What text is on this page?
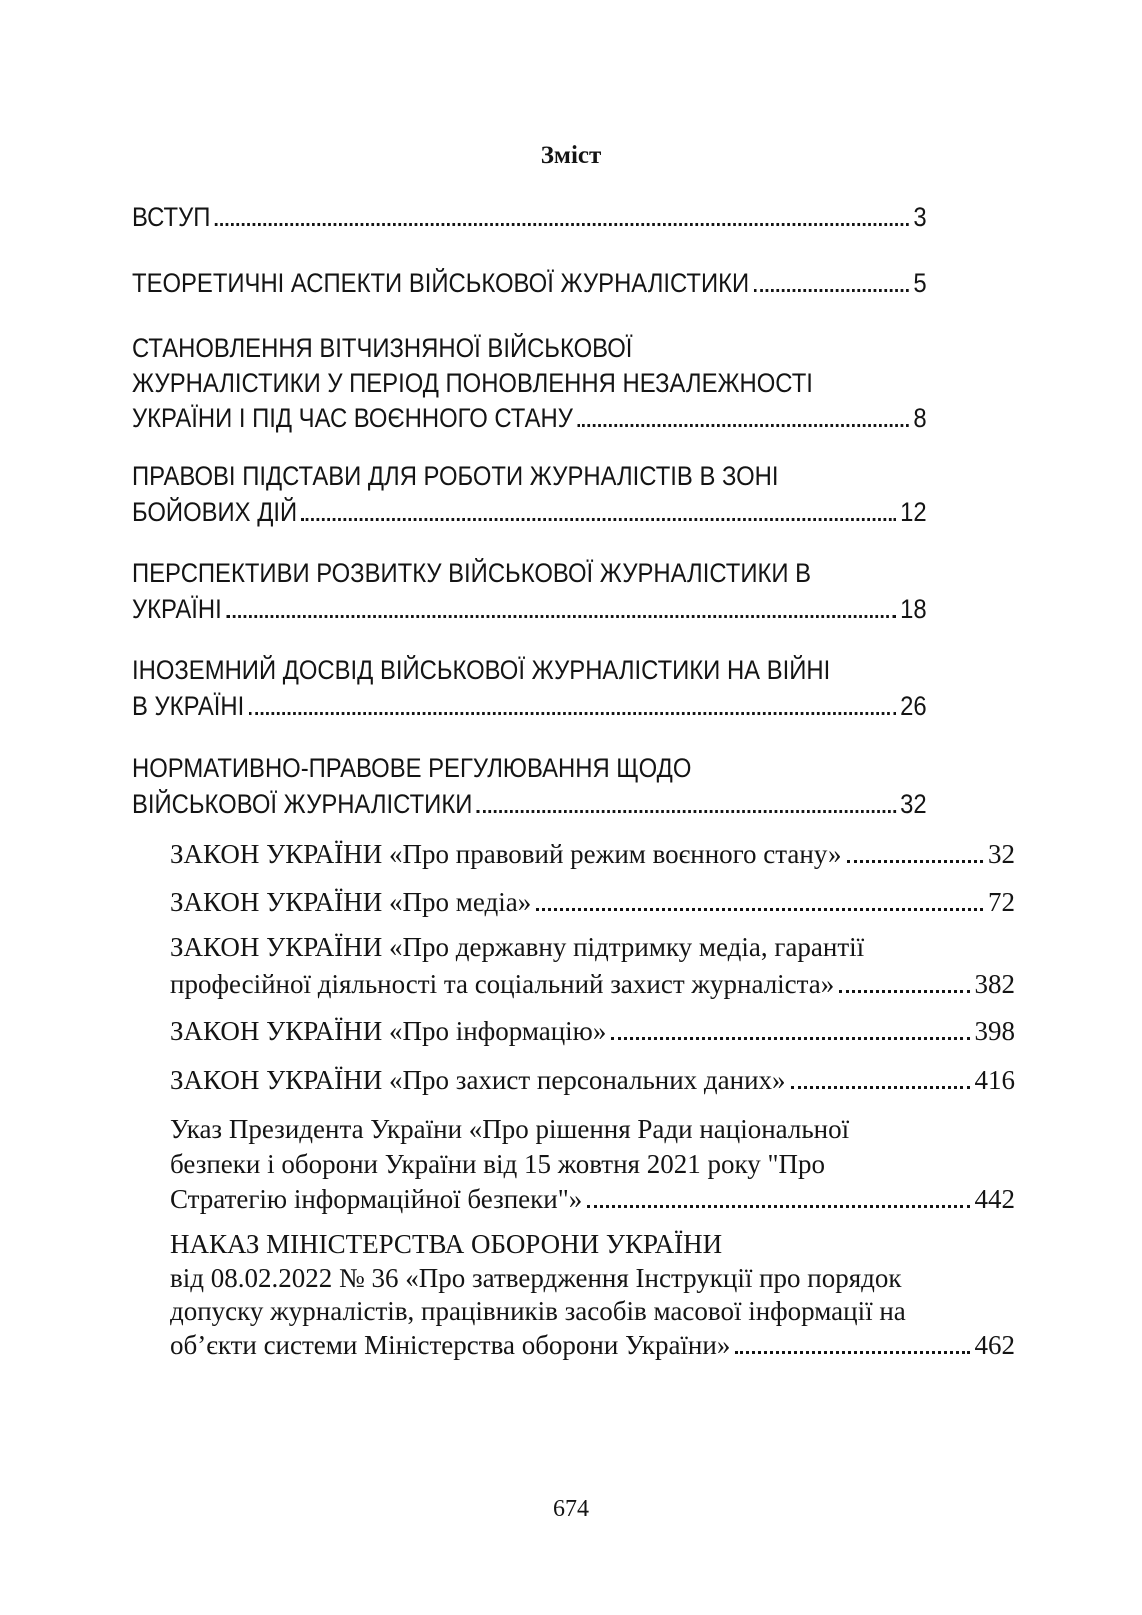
Зміст
ВСТУП	3
ТЕОРЕТИЧНІ АСПЕКТИ ВІЙСЬКОВОЇ ЖУРНАЛІСТИКИ	5
СТАНОВЛЕННЯ ВІТЧИЗНЯНОЇ ВІЙСЬКОВОЇ
ЖУРНАЛІСТИКИ У ПЕРІОД ПОНОВЛЕННЯ НЕЗАЛЕЖНОСТІ
УКРАЇНИ І ПІД ЧАС ВОЄННОГО СТАНУ	8
ПРАВОВІ ПІДСТАВИ ДЛЯ РОБОТИ ЖУРНАЛІСТІВ В ЗОНІ
БОЙОВИХ ДІЙ	12
ПЕРСПЕКТИВИ РОЗВИТКУ ВІЙСЬКОВОЇ ЖУРНАЛІСТИКИ В
УКРАЇНІ	18
ІНОЗЕМНИЙ ДОСВІД ВІЙСЬКОВОЇ ЖУРНАЛІСТИКИ НА ВІЙНІ
В УКРАЇНІ	26
НОРМАТИВНО-ПРАВОВЕ РЕГУЛЮВАННЯ ЩОДО
ВІЙСЬКОВОЇ ЖУРНАЛІСТИКИ	32
ЗАКОН УКРАЇНИ «Про правовий режим воєнного стану»	32
ЗАКОН УКРАЇНИ «Про медіа»	72
ЗАКОН УКРАЇНИ «Про державну підтримку медіа, гарантії
професійної діяльності та соціальний захист журналіста»	382
ЗАКОН УКРАЇНИ «Про інформацію»	398
ЗАКОН УКРАЇНИ «Про захист персональних даних»	416
Указ Президента України «Про рішення Ради національної
безпеки і оборони України від 15 жовтня 2021 року "Про
Стратегію інформаційної безпеки"»	442
НАКАЗ МІНІСТЕРСТВА ОБОРОНИ УКРАЇНИ
від 08.02.2022 № 36 «Про затвердження Інструкції про порядок
допуску журналістів, працівників засобів масової інформації на
об’єкти системи Міністерства оборони України»	462
674
